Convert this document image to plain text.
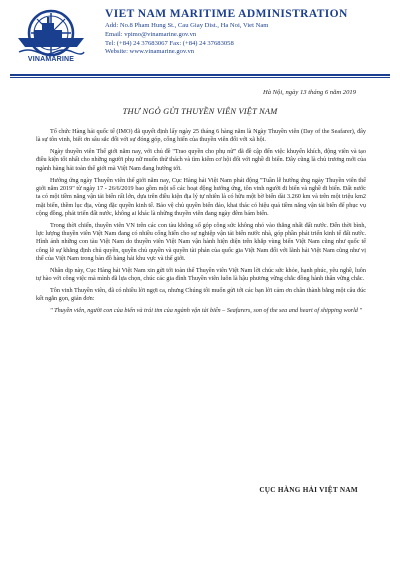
VINAMARINE
VIET NAM MARITIME ADMINISTRATION
Add: No.8 Pham Hung St., Cau Giay Dist., Ha Noi, Viet Nam
Email: vpimo@vinamarine.gov.vn
Tel: (+84) 24 37683067 Fax: (+84) 24 37683058
Website: www.vinamarine.gov.vn
Hà Nội, ngày 13 tháng 6 năm 2019
THƯ NGỎ GỬI THUYỀN VIÊN VIỆT NAM

Tổ chức Hàng hải quốc tế (IMO) đã quyết định lấy ngày 25 tháng 6 hàng năm là Ngày Thuyền viên (Day of the Seafarer), đây là sự tôn vinh, biết ơn sâu sắc đối với sự đóng góp, cống hiến của thuyền viên đối với xã hội.

Ngày thuyền viên Thế giới năm nay, với chủ đề "Trao quyền cho phụ nữ" đã đề cập đến việc khuyến khích, động viên và tạo điều kiện tốt nhất cho những người phụ nữ muốn thử thách và tìm kiếm cơ hội đối với nghề đi biển. Đây cũng là chủ trương mới của ngành hàng hải toàn thế giới mà Việt Nam đang hướng tới.

Hưởng ứng ngày Thuyền viên thế giới năm nay, Cục Hàng hải Việt Nam phát động "Tuần lễ hướng ứng ngày Thuyền viên thế giới năm 2019" từ ngày 17 - 26/6/2019 bao gồm một số các hoạt động hướng ứng, tôn vinh người đi biển và nghề đi biển. Đất nước ta có một tiềm năng vận tải biển rất lớn, dựa trên điều kiện địa lý tự nhiên là có hữu một bờ biển dài 3.260 km và trên một triệu km2 mặt biển, thềm lục địa, vùng đặc quyền kinh tế. Bảo vệ chủ quyền biển đảo, khai thác có hiệu quả tiềm năng vận tải biển để phục vụ cộng đồng, phát triển đất nước, không ai khác là những thuyền viên đang ngày đêm bám biển.

Trong thời chiến, thuyền viên VN trên các con tàu không số góp công sức không nhỏ vào thắng nhất đất nước. Đến thời bình, lực lượng thuyền viên Việt Nam đang có nhiều cống hiến cho sự nghiệp vận tải biển nước nhà, góp phần phát triển kinh tế đất nước. Hình ảnh những con tàu Việt Nam do thuyền viên Việt Nam vận hành hiện diện trên khắp vùng biển Việt Nam cũng như quốc tế công lẽ sự khẳng định chủ quyền, quyền chủ quyền và quyền tài phán của quốc gia Việt Nam đối với lãnh hải Việt Nam cũng như vị thế của Việt Nam trong bản đồ hàng hải khu vực và thế giới.

Nhân dịp này, Cục Hàng hải Việt Nam xin gửi tới toàn thể Thuyền viên Việt Nam lời chúc sức khỏe, hạnh phúc, yêu nghề, luôn tự hào với công việc mà mình đã lựa chọn, chúc các gia đình Thuyền viên luôn là hậu phương vững chắc đồng hành thân vững chắc.

Tôn vinh Thuyền viên, đã có nhiều lời ngợi ca, nhưng Chúng tôi muốn gửi tới các bạn lời cảm ơn chân thành bằng một câu đúc kết ngắn gọn, giản đơn:

" Thuyền viên, người con của biển và trái tim của ngành vận tải biển – Seafarers, son of the sea and heart of shipping world "

CỤC HÀNG HẢI VIỆT NAM
